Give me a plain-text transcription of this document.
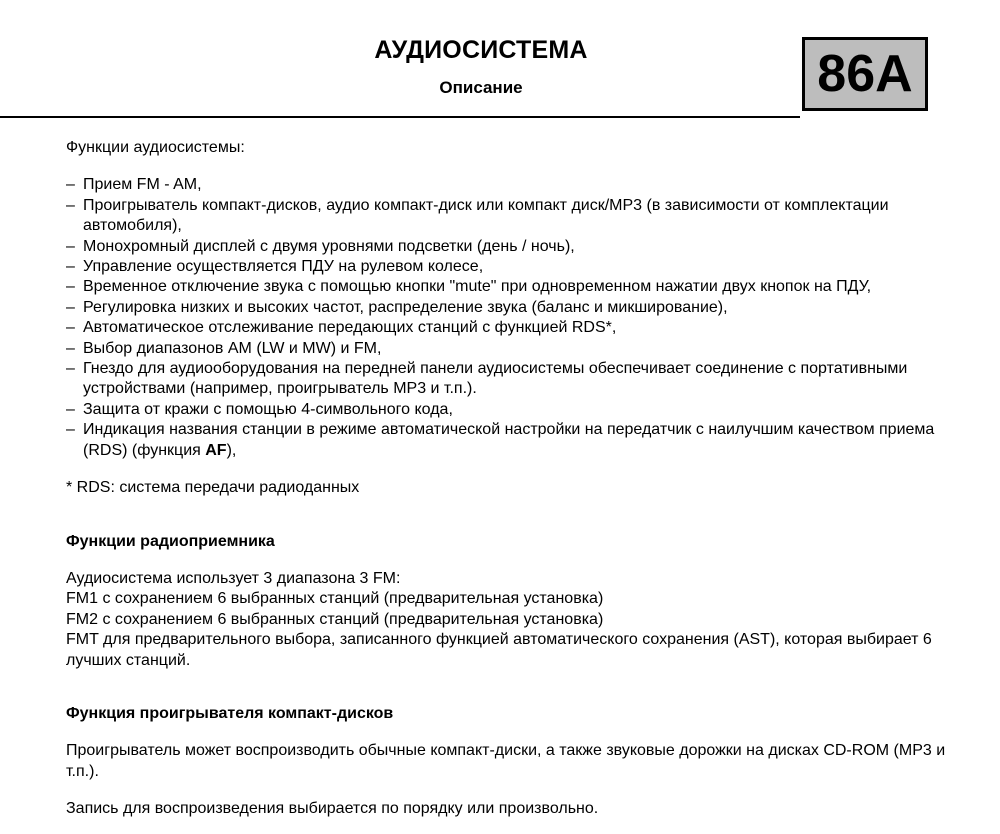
АУДИОСИСТЕМА
Описание	86A

Функции аудиосистемы:

– Прием FM - AM,
– Проигрыватель компакт-дисков, аудио компакт-диск или компакт диск/MP3 (в зависимости от комплектации автомобиля),
– Монохромный дисплей с двумя уровнями подсветки (день / ночь),
– Управление осуществляется ПДУ на рулевом колесе,
– Временное отключение звука с помощью кнопки "mute" при одновременном нажатии двух кнопок на ПДУ,
– Регулировка низких и высоких частот, распределение звука (баланс и микширование),
– Автоматическое отслеживание передающих станций с функцией RDS*,
– Выбор диапазонов AM (LW и MW) и FM,
– Гнездо для аудиооборудования на передней панели аудиосистемы обеспечивает соединение с портативными устройствами (например, проигрыватель MP3 и т.п.).
– Защита от кражи с помощью 4-символьного кода,
– Индикация названия станции в режиме автоматической настройки на передатчик с наилучшим качеством приема (RDS) (функция AF),

* RDS: система передачи радиоданных

Функции радиоприемника

Аудиосистема использует 3 диапазона 3 FM:

FM1 с сохранением 6 выбранных станций (предварительная установка)

FM2 с сохранением 6 выбранных станций (предварительная установка)

FMT для предварительного выбора, записанного функцией автоматического сохранения (AST), которая выбирает 6 лучших станций.

Функция проигрывателя компакт-дисков

Проигрыватель может воспроизводить обычные компакт-диски, а также звуковые дорожки на дисках CD-ROM (MP3 и т.п.).

Запись для воспроизведения выбирается по порядку или произвольно.
